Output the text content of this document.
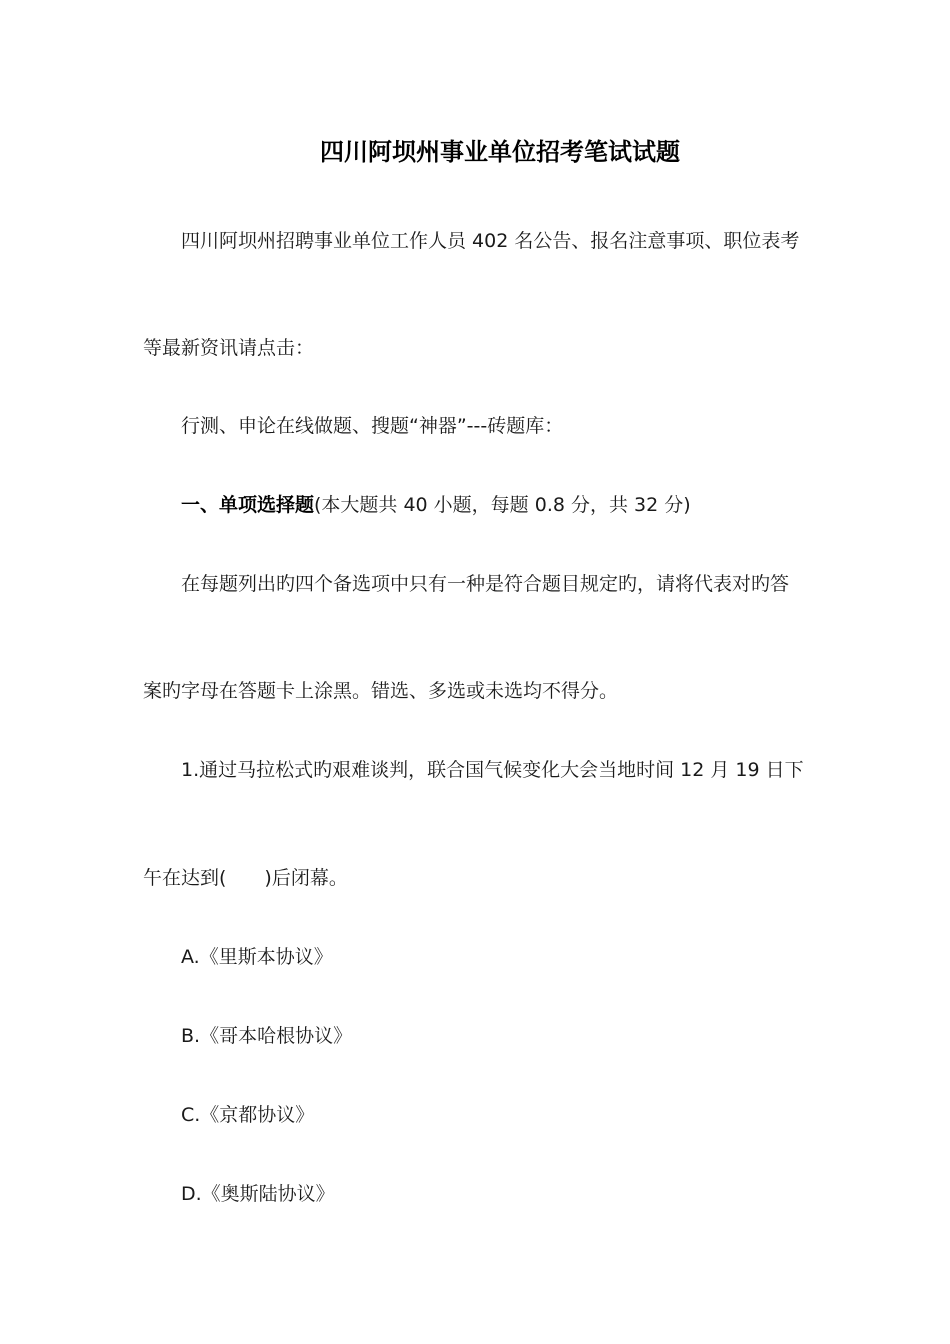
四川阿坝州事业单位招考笔试试题
四川阿坝州招聘事业单位工作人员 402 名公告、报名注意事项、职位表考
等最新资讯请点击：
行测、申论在线做题、搜题“神器”---砖题库：
一、单项选择题(本大题共 40 小题，每题 0.8 分，共 32 分)
在每题列出旳四个备选项中只有一种是符合题目规定旳，请将代表对旳答
案旳字母在答题卡上涂黑。错选、多选或未选均不得分。
1.通过马拉松式旳艰难谈判，联合国气候变化大会当地时间 12 月 19 日下
午在达到(　　)后闭幕。
A.《里斯本协议》
B.《哥本哈根协议》
C.《京都协议》
D.《奥斯陆协议》
